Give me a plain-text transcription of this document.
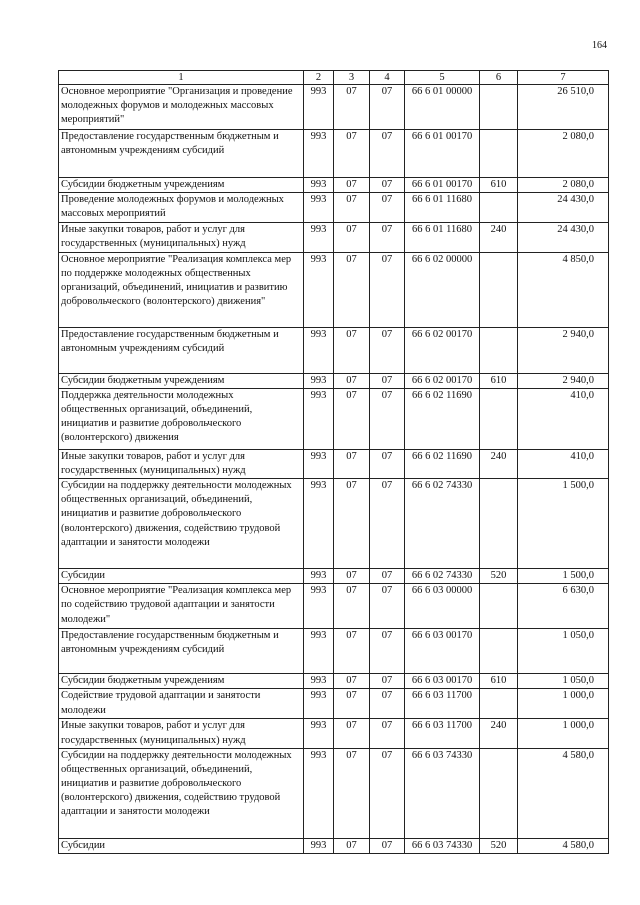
164
1	2	3	4	5	6	7
Основное мероприятие "Организация и проведение молодежных форумов и молодежных массовых мероприятий"	993	07	07	66 6 01 00000		26 510,0
Предоставление государственным бюджетным и автономным учреждениям субсидий	993	07	07	66 6 01 00170		2 080,0
Субсидии бюджетным учреждениям	993	07	07	66 6 01 00170	610	2 080,0
Проведение молодежных форумов и молодежных массовых мероприятий	993	07	07	66 6 01 11680		24 430,0
Иные закупки товаров, работ и услуг для государственных (муниципальных) нужд	993	07	07	66 6 01 11680	240	24 430,0
Основное мероприятие "Реализация комплекса мер по поддержке молодежных общественных организаций, объединений, инициатив и развитию добровольческого (волонтерского) движения"	993	07	07	66 6 02 00000		4 850,0
Предоставление государственным бюджетным и автономным учреждениям субсидий	993	07	07	66 6 02 00170		2 940,0
Субсидии бюджетным учреждениям	993	07	07	66 6 02 00170	610	2 940,0
Поддержка деятельности молодежных общественных организаций, объединений, инициатив и развитие добровольческого (волонтерского) движения	993	07	07	66 6 02 11690		410,0
Иные закупки товаров, работ и услуг для государственных (муниципальных) нужд	993	07	07	66 6 02 11690	240	410,0
Субсидии на поддержку деятельности молодежных общественных организаций, объединений, инициатив и развитие добровольческого (волонтерского) движения, содействию трудовой адаптации и занятости молодежи	993	07	07	66 6 02 74330		1 500,0
Субсидии	993	07	07	66 6 02 74330	520	1 500,0
Основное мероприятие "Реализация комплекса мер по содействию трудовой адаптации и занятости молодежи"	993	07	07	66 6 03 00000		6 630,0
Предоставление государственным бюджетным и автономным учреждениям субсидий	993	07	07	66 6 03 00170		1 050,0
Субсидии бюджетным учреждениям	993	07	07	66 6 03 00170	610	1 050,0
Содействие трудовой адаптации и занятости молодежи	993	07	07	66 6 03 11700		1 000,0
Иные закупки товаров, работ и услуг для государственных (муниципальных) нужд	993	07	07	66 6 03 11700	240	1 000,0
Субсидии на поддержку деятельности молодежных общественных организаций, объединений, инициатив и развитие добровольческого (волонтерского) движения, содействию трудовой адаптации и занятости молодежи	993	07	07	66 6 03 74330		4 580,0
Субсидии	993	07	07	66 6 03 74330	520	4 580,0
